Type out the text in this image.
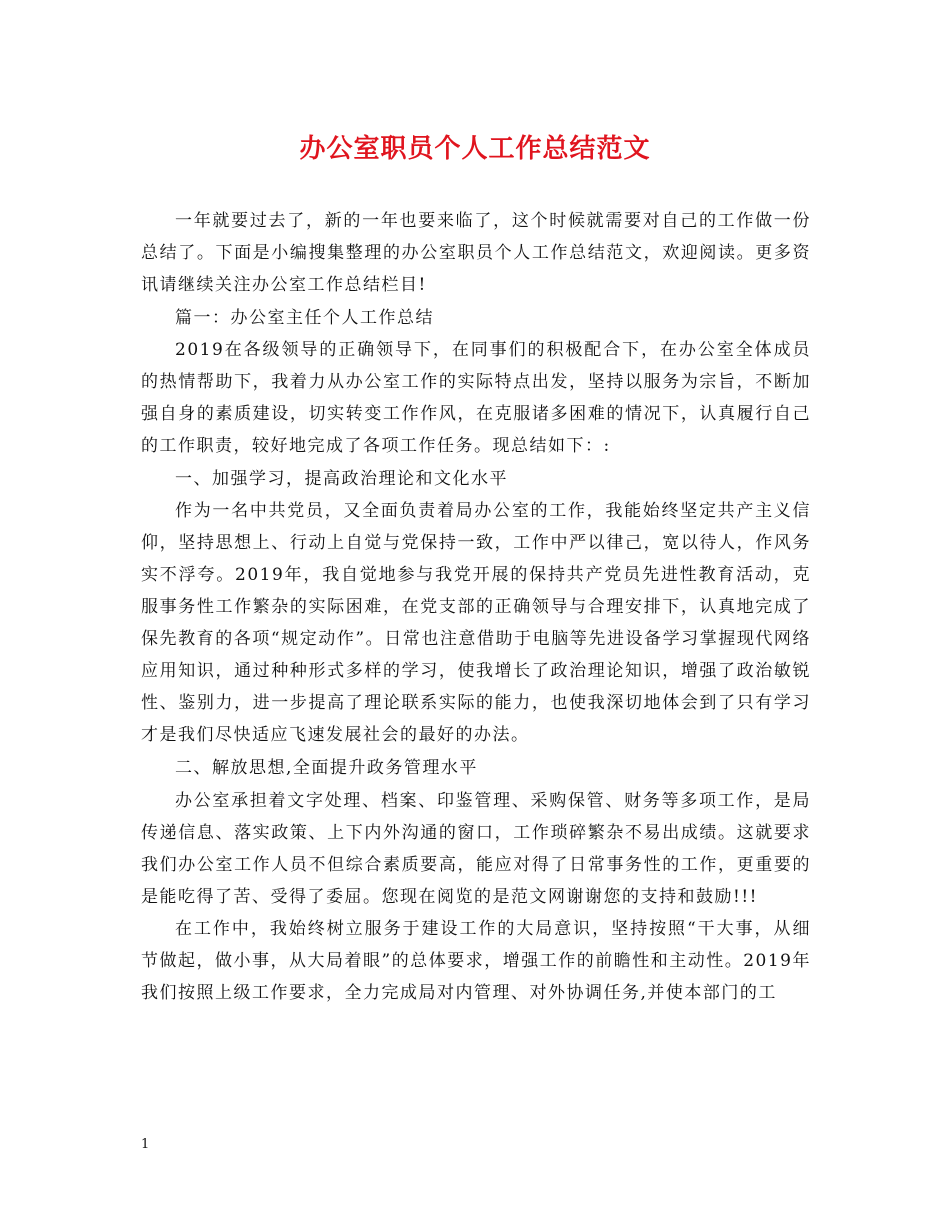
办公室职员个人工作总结范文

一年就要过去了，新的一年也要来临了，这个时候就需要对自己的工作做一份总结了。下面是小编搜集整理的办公室职员个人工作总结范文，欢迎阅读。更多资讯请继续关注办公室工作总结栏目!

篇一：办公室主任个人工作总结

2019在各级领导的正确领导下，在同事们的积极配合下，在办公室全体成员的热情帮助下，我着力从办公室工作的实际特点出发，坚持以服务为宗旨，不断加强自身的素质建设，切实转变工作作风，在克服诸多困难的情况下，认真履行自己的工作职责，较好地完成了各项工作任务。现总结如下：:

一、加强学习，提高政治理论和文化水平

作为一名中共党员，又全面负责着局办公室的工作，我能始终坚定共产主义信仰，坚持思想上、行动上自觉与党保持一致，工作中严以律己，宽以待人，作风务实不浮夸。2019年，我自觉地参与我党开展的保持共产党员先进性教育活动，克服事务性工作繁杂的实际困难，在党支部的正确领导与合理安排下，认真地完成了保先教育的各项“规定动作”。日常也注意借助于电脑等先进设备学习掌握现代网络应用知识，通过种种形式多样的学习，使我增长了政治理论知识，增强了政治敏锐性、鉴别力，进一步提高了理论联系实际的能力，也使我深切地体会到了只有学习才是我们尽快适应飞速发展社会的最好的办法。

二、解放思想,全面提升政务管理水平

办公室承担着文字处理、档案、印鉴管理、采购保管、财务等多项工作，是局传递信息、落实政策、上下内外沟通的窗口，工作琐碎繁杂不易出成绩。这就要求我们办公室工作人员不但综合素质要高，能应对得了日常事务性的工作，更重要的是能吃得了苦、受得了委屈。您现在阅览的是范文网谢谢您的支持和鼓励!!!

在工作中，我始终树立服务于建设工作的大局意识，坚持按照“干大事，从细节做起，做小事，从大局着眼”的总体要求，增强工作的前瞻性和主动性。2019年我们按照上级工作要求，全力完成局对内管理、对外协调任务,并使本部门的工

1
